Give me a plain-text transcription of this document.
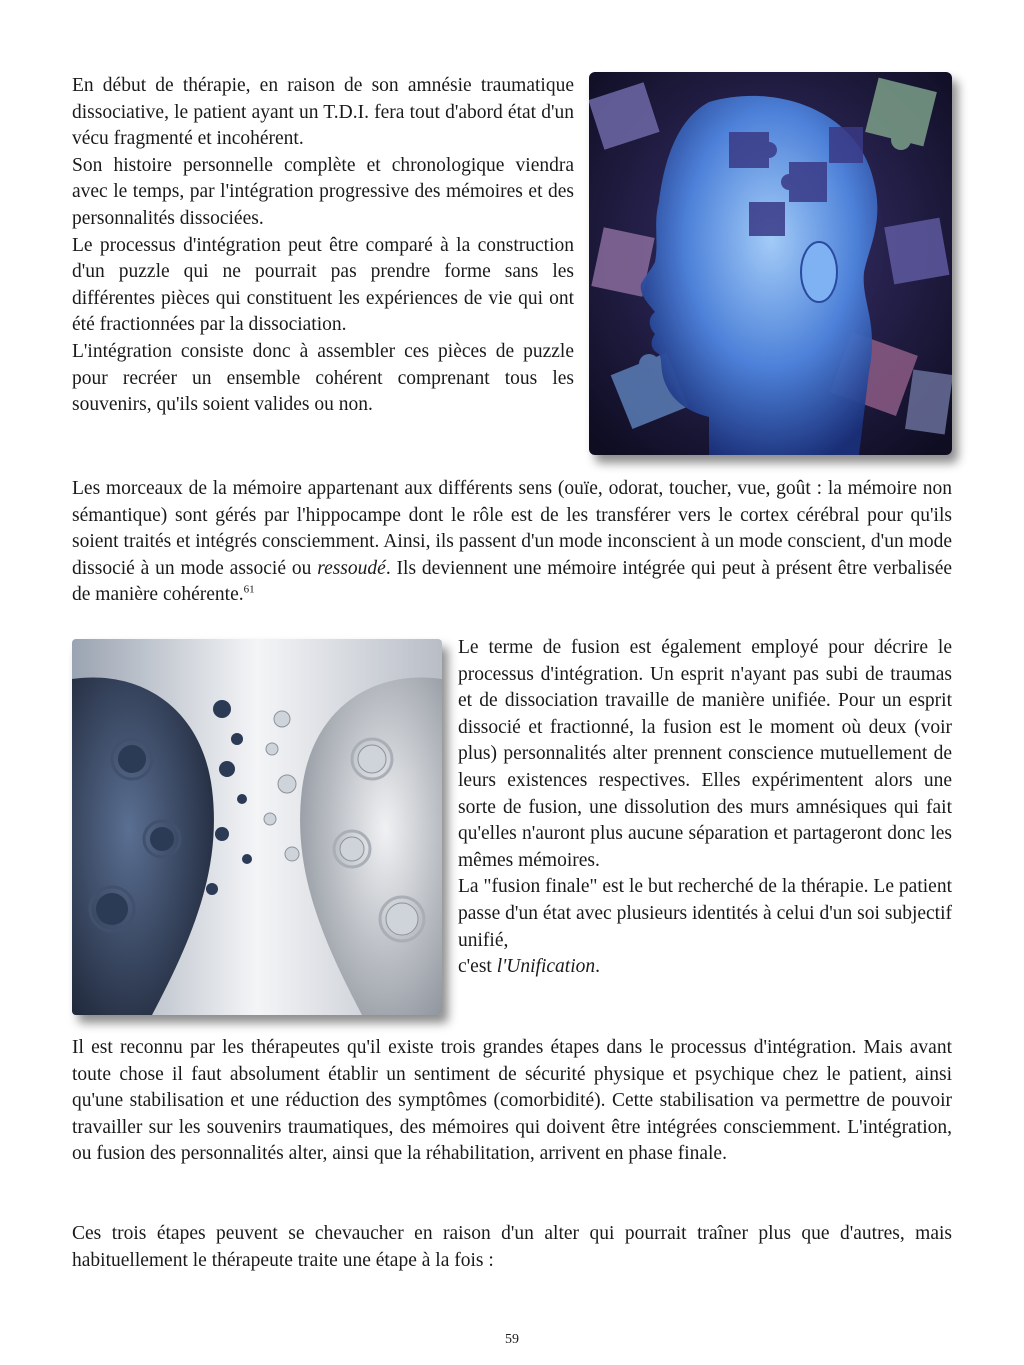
En début de thérapie, en raison de son amnésie traumatique dissociative, le patient ayant un T.D.I. fera tout d'abord état d'un vécu fragmenté et incohérent.

Son histoire personnelle complète et chronologique viendra avec le temps, par l'intégration progressive des mémoires et des personnalités dissociées.

Le processus d'intégration peut être comparé à la construction d'un puzzle qui ne pourrait pas prendre forme sans les différentes pièces qui constituent les expériences de vie qui ont été fractionnées par la dissociation.

L'intégration consiste donc à assembler ces pièces de puzzle pour recréer un ensemble cohérent comprenant tous les souvenirs, qu'ils soient valides ou non.

Les morceaux de la mémoire appartenant aux différents sens (ouïe, odorat, toucher, vue, goût : la mémoire non sémantique) sont gérés par l'hippocampe dont le rôle est de les transférer vers le cortex cérébral pour qu'ils soient traités et intégrés consciemment. Ainsi, ils passent d'un mode inconscient à un mode conscient, d'un mode dissocié à un mode associé ou ressoudé. Ils deviennent une mémoire intégrée qui peut à présent être verbalisée de manière cohérente.$^{61}$

Le terme de fusion est également employé pour décrire le processus d'intégration. Un esprit n'ayant pas subi de traumas et de dissociation travaille de manière unifiée. Pour un esprit dissocié et fractionné, la fusion est le moment où deux (voir plus) personnalités alter prennent conscience mutuellement de leurs existences respectives. Elles expérimentent alors une sorte de fusion, une dissolution des murs amnésiques qui fait qu'elles n'auront plus aucune séparation et partageront donc les mêmes mémoires.

La "fusion finale" est le but recherché de la thérapie. Le patient passe d'un état avec plusieurs identités à celui d'un soi subjectif unifié,

c'est l'Unification.

Il est reconnu par les thérapeutes qu'il existe trois grandes étapes dans le processus d'intégration. Mais avant toute chose il faut absolument établir un sentiment de sécurité physique et psychique chez le patient, ainsi qu'une stabilisation et une réduction des symptômes (comorbidité). Cette stabilisation va permettre de pouvoir travailler sur les souvenirs traumatiques, des mémoires qui doivent être intégrées consciemment. L'intégration, ou fusion des personnalités alter, ainsi que la réhabilitation, arrivent en phase finale.

Ces trois étapes peuvent se chevaucher en raison d'un alter qui pourrait traîner plus que d'autres, mais habituellement le thérapeute traite une étape à la fois :

59
